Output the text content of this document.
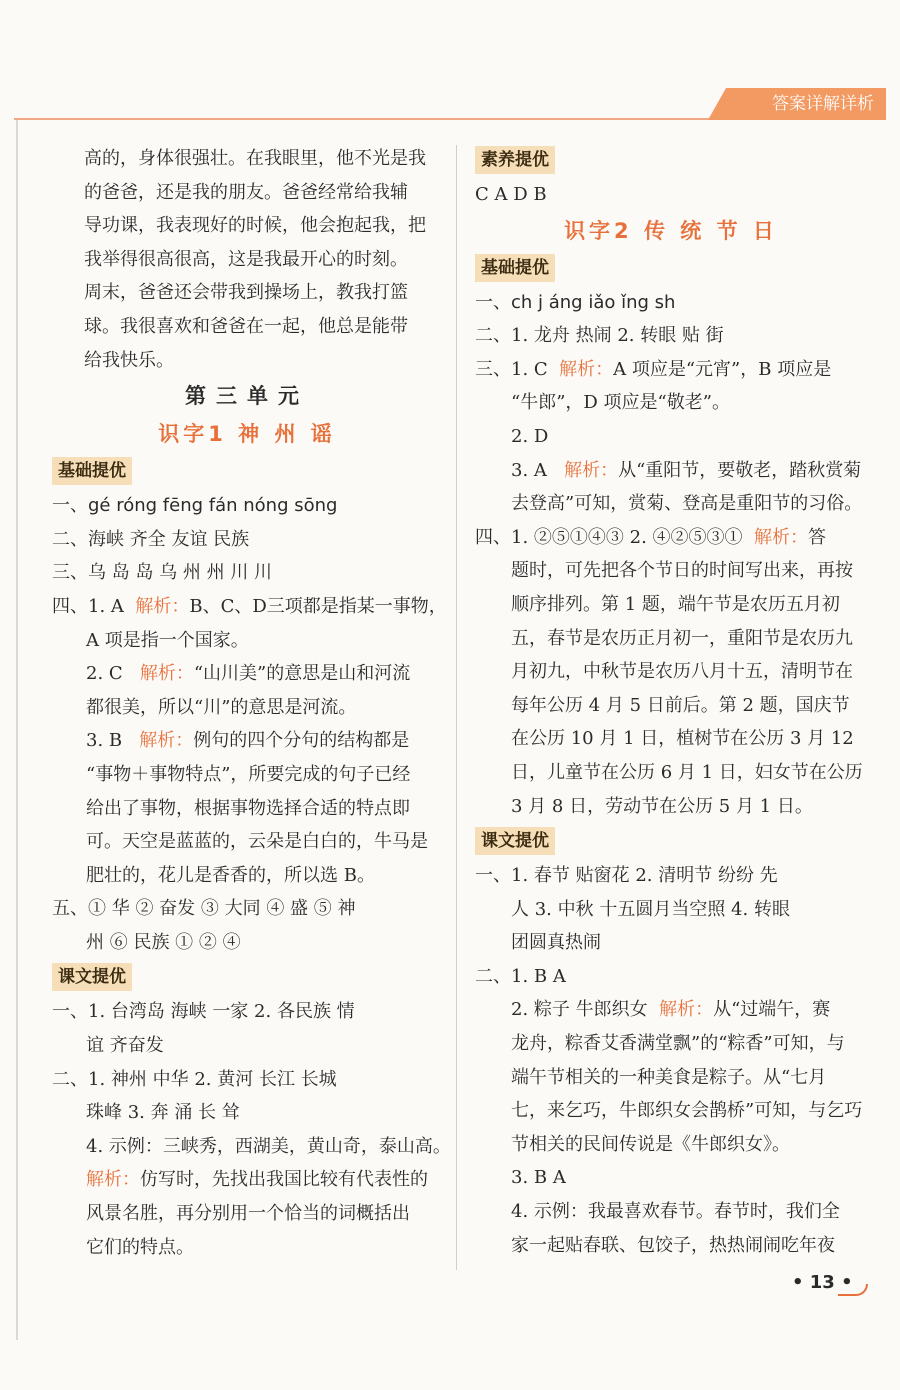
答案详解详析
高的，身体很强壮。在我眼里，他不光是我
的爸爸，还是我的朋友。爸爸经常给我辅
导功课，我表现好的时候，他会抱起我，把
我举得很高很高，这是我最开心的时刻。
周末，爸爸还会带我到操场上，教我打篮
球。我很喜欢和爸爸在一起，他总是能带
给我快乐。
第三单元
识字1 神 州 谣
基础提优
一、gé róng fēng fán nóng sōng
二、海峡 齐全 友谊 民族
三、乌 岛 岛 乌 州 州 川 川
四、1. A 解析：B、C、D三项都是指某一事物，
A 项是指一个国家。
2. C 解析：“山川美”的意思是山和河流
都很美，所以“川”的意思是河流。
3. B 解析：例句的四个分句的结构都是
“事物＋事物特点”，所要完成的句子已经
给出了事物，根据事物选择合适的特点即
可。天空是蓝蓝的，云朵是白白的，牛马是
肥壮的，花儿是香香的，所以选 B。
五、① 华 ② 奋发 ③ 大同 ④ 盛 ⑤ 神
州 ⑥ 民族 ① ② ④
课文提优
一、1. 台湾岛 海峡 一家 2. 各民族 情
谊 齐奋发
二、1. 神州 中华 2. 黄河 长江 长城
珠峰 3. 奔 涌 长 耸
4. 示例：三峡秀，西湖美，黄山奇，泰山高。
解析：仿写时，先找出我国比较有代表性的
风景名胜，再分别用一个恰当的词概括出
它们的特点。
素养提优
C A D B
识字2 传 统 节 日
基础提优
一、ch j áng iǎo ǐng sh
二、1. 龙舟 热闹 2. 转眼 贴 街
三、1. C 解析：A 项应是“元宵”，B 项应是
“牛郎”，D 项应是“敬老”。
2. D
3. A 解析：从“重阳节，要敬老，踏秋赏菊
去登高”可知，赏菊、登高是重阳节的习俗。
四、1. ②⑤①④③ 2. ④②⑤③① 解析：答
题时，可先把各个节日的时间写出来，再按
顺序排列。第 1 题，端午节是农历五月初
五，春节是农历正月初一，重阳节是农历九
月初九，中秋节是农历八月十五，清明节在
每年公历 4 月 5 日前后。第 2 题，国庆节
在公历 10 月 1 日，植树节在公历 3 月 12
日，儿童节在公历 6 月 1 日，妇女节在公历
3 月 8 日，劳动节在公历 5 月 1 日。
课文提优
一、1. 春节 贴窗花 2. 清明节 纷纷 先
人 3. 中秋 十五圆月当空照 4. 转眼
团圆真热闹
二、1. B A
2. 粽子 牛郎织女 解析：从“过端午，赛
龙舟，粽香艾香满堂飘”的“粽香”可知，与
端午节相关的一种美食是粽子。从“七月
七，来乞巧，牛郎织女会鹊桥”可知，与乞巧
节相关的民间传说是《牛郎织女》。
3. B A
4. 示例：我最喜欢春节。春节时，我们全
家一起贴春联、包饺子，热热闹闹吃年夜
• 13 •
